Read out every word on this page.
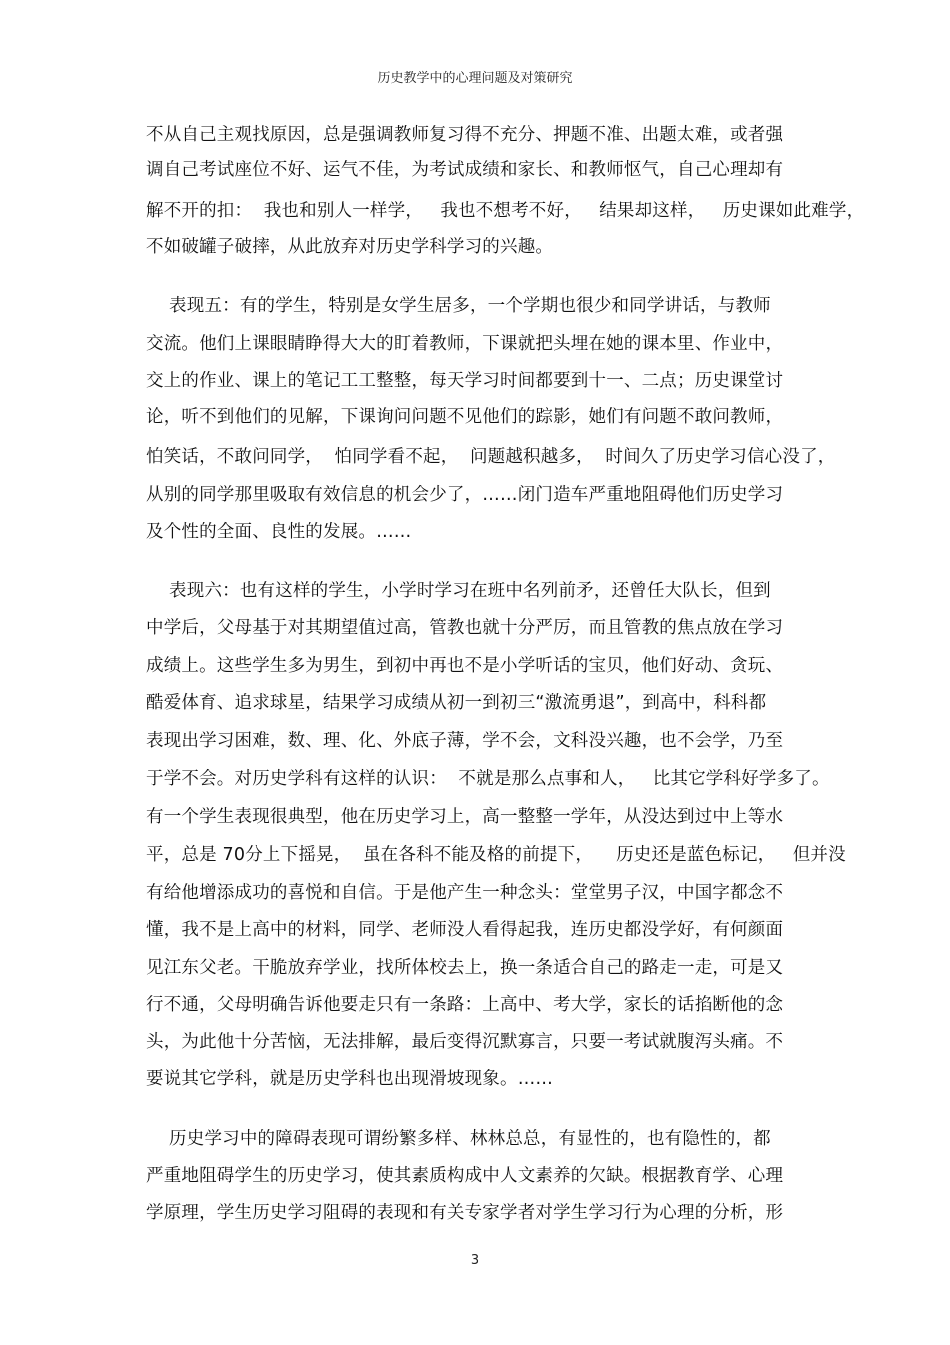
历史教学中的心理问题及对策研究
不从自己主观找原因，总是强调教师复习得不充分、押题不准、出题太难，或者强
调自己考试座位不好、运气不佳，为考试成绩和家长、和教师怄气，自己心理却有
解不开的扣：  我也和别人一样学，   我也不想考不好，   结果却这样，   历史课如此难学，
不如破罐子破摔，从此放弃对历史学科学习的兴趣。
表现五：有的学生，特别是女学生居多，一个学期也很少和同学讲话，与教师
交流。他们上课眼睛睁得大大的盯着教师，下课就把头埋在她的课本里、作业中，
交上的作业、课上的笔记工工整整，每天学习时间都要到十一、二点；历史课堂讨
论，听不到他们的见解，下课询问问题不见他们的踪影，她们有问题不敢问教师，
怕笑话，不敢问同学，  怕同学看不起，  问题越积越多，  时间久了历史学习信心没了，
从别的同学那里吸取有效信息的机会少了，……闭门造车严重地阻碍他们历史学习
及个性的全面、良性的发展。……
表现六：也有这样的学生，小学时学习在班中名列前矛，还曾任大队长，但到
中学后，父母基于对其期望值过高，管教也就十分严厉，而且管教的焦点放在学习
成绩上。这些学生多为男生，到初中再也不是小学听话的宝贝，他们好动、贪玩、
酷爱体育、追求球星，结果学习成绩从初一到初三“激流勇退”，到高中，科科都
表现出学习困难，数、理、化、外底子薄，学不会，文科没兴趣，也不会学，乃至
于学不会。对历史学科有这样的认识：  不就是那么点事和人，   比其它学科好学多了。
有一个学生表现很典型，他在历史学习上，高一整整一学年，从没达到过中上等水
平，总是 70分上下摇晃，  虽在各科不能及格的前提下，    历史还是蓝色标记，   但并没
有给他增添成功的喜悦和自信。于是他产生一种念头：堂堂男子汉，中国字都念不
懂，我不是上高中的材料，同学、老师没人看得起我，连历史都没学好，有何颜面
见江东父老。干脆放弃学业，找所体校去上，换一条适合自己的路走一走，可是又
行不通，父母明确告诉他要走只有一条路：上高中、考大学，家长的话掐断他的念
头，为此他十分苦恼，无法排解，最后变得沉默寡言，只要一考试就腹泻头痛。不
要说其它学科，就是历史学科也出现滑坡现象。……
历史学习中的障碍表现可谓纷繁多样、林林总总，有显性的，也有隐性的，都
严重地阻碍学生的历史学习，使其素质构成中人文素养的欠缺。根据教育学、心理
学原理，学生历史学习阻碍的表现和有关专家学者对学生学习行为心理的分析，形
3
